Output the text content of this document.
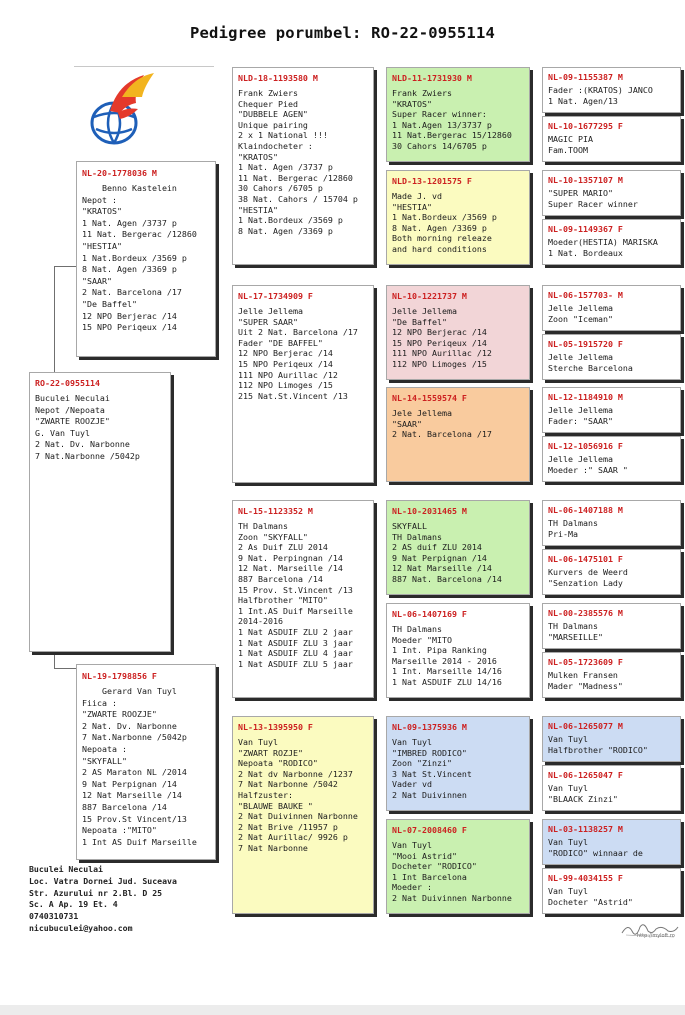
Pedigree porumbel: RO-22-0955114
RO-22-0955114
Buculei Neculai
Nepot /Nepoata
"ZWARTE ROOZJE"
G. Van Tuyl
2 Nat. Dv. Narbonne
7 Nat.Narbonne /5042p
NL-20-1778036 M
Benno Kastelein
Nepot :
"KRATOS"
1 Nat. Agen /3737 p
11 Nat. Bergerac /12860
"HESTIA"
1 Nat.Bordeux /3569 p
8 Nat. Agen /3369 p
"SAAR"
2 Nat. Barcelona /17
"De Baffel"
12 NPO Berjerac /14
15 NPO Periqeux /14
NL-19-1798856 F
Gerard Van Tuyl
Fiica :
"ZWARTE ROOZJE"
2 Nat. Dv. Narbonne
7 Nat.Narbonne /5042p
Nepoata :
"SKYFALL"
2 AS Maraton NL /2014
9 Nat Perpignan /14
12 Nat Marseille /14
887 Barcelona /14
15 Prov.St Vincent/13
Nepoata :"MITO"
1 Int AS Duif Marseille
NLD-18-1193580 M
Frank Zwiers
Chequer Pied
"DUBBELE AGEN"
Unique pairing
2 x 1 National !!!
Klaindocheter :
"KRATOS"
1 Nat. Agen /3737 p
11 Nat. Bergerac /12860
30 Cahors /6705 p
38 Nat. Cahors / 15704 p
"HESTIA"
1 Nat.Bordeux /3569 p
8 Nat. Agen /3369 p
NL-17-1734909 F
Jelle Jellema
"SUPER SAAR"
Uit 2 Nat. Barcelona /17
Fader "DE BAFFEL"
12 NPO Berjerac /14
15 NPO Periqeux /14
111 NPO Aurillac /12
112 NPO Limoges /15
215 Nat.St.Vincent /13
NL-15-1123352 M
TH Dalmans
Zoon "SKYFALL"
2 As Duif ZLU 2014
9 Nat. Perpingnan /14
12 Nat. Marseille /14
887 Barcelona /14
15 Prov. St.Vincent /13
Halfbrother "MITO"
1 Int.AS Duif Marseille
2014-2016
1 Nat ASDUIF ZLU 2 jaar
1 Nat ASDUIF ZLU 3 jaar
1 Nat ASDUIF ZLU 4 jaar
1 Nat ASDUIF ZLU 5 jaar
NL-13-1395950 F
Van Tuyl
"ZWART ROZJE"
Nepoata "RODICO"
2 Nat dv Narbonne /1237
7 Nat Narbonne /5042
Halfzuster:
"BLAUWE BAUKE "
2 Nat Duivinnen Narbonne
2 Nat Brive /11957 p
2 Nat Aurillac/ 9926 p
7 Nat Narbonne
NLD-11-1731930 M
Frank Zwiers
"KRATOS"
Super Racer winner:
1 Nat.Agen 13/3737 p
11 Nat.Bergerac 15/12860
30 Cahors 14/6705 p
NLD-13-1201575 F
Made J. vd
"HESTIA"
1 Nat.Bordeux /3569 p
8 Nat. Agen /3369 p
Both morning releaze
and hard conditions
NL-10-1221737 M
Jelle Jellema
"De Baffel"
12 NPO Berjerac /14
15 NPO Periqeux /14
111 NPO Aurillac /12
112 NPO Limoges /15
NL-14-1559574 F
Jele Jellema
"SAAR"
2 Nat. Barcelona /17
NL-10-2031465 M
SKYFALL
TH Dalmans
2 AS duif ZLU 2014
9 Nat Perpignan /14
12 Nat Marseille /14
887 Nat. Barcelona /14
NL-06-1407169 F
TH Dalmans
Moeder "MITO
1 Int. Pipa Ranking
Marseille 2014 - 2016
1 Int. Marseille 14/16
1 Nat ASDUIF ZLU 14/16
NL-09-1375936 M
Van Tuyl
"IMBRED RODICO"
Zoon "Zinzi"
3 Nat St.Vincent
Vader vd
2 Nat Duivinnen
NL-07-2008460 F
Van Tuyl
"Mooi Astrid"
Docheter "RODICO"
1 Int Barcelona
Moeder :
2 Nat Duivinnen Narbonne
NL-09-1155387 M
Fader :(KRATOS) JANCO
1 Nat. Agen/13
NL-10-1677295 F
MAGIC PIA
Fam.TOOM
NL-10-1357107 M
"SUPER MARIO"
Super Racer winner
NL-09-1149367 F
Moeder(HESTIA) MARISKA
1 Nat. Bordeaux
NL-06-157703- M
Jelle Jellema
Zoon "Iceman"
NL-05-1915720 F
Jelle Jellema
Sterche Barcelona
NL-12-1184910 M
Jelle Jellema
Fader: "SAAR"
NL-12-1056916 F
Jelle Jellema
Moeder :" SAAR "
NL-06-1407188 M
TH Dalmans
Pri-Ma
NL-06-1475101 F
Kurvers de Weerd
"Senzation Lady
NL-00-2385576 M
TH Dalmans
"MARSEILLE"
NL-05-1723609 F
Mulken Fransen
Mader "Madness"
NL-06-1265077 M
Van Tuyl
Halfbrother "RODICO"
NL-06-1265047 F
Van Tuyl
"BLAACK Zinzi"
NL-03-1138257 M
Van Tuyl
"RODICO" winnaar de
NL-99-4034155 F
Van Tuyl
Docheter "Astrid"
Buculei Neculai
Loc. Vatra Dornei Jud. Suceava
Str. Azurului nr 2.Bl. D 25
Sc. A Ap. 19 Et. 4
0740310731
nicubuculei@yahoo.com
http://myloft.ro
